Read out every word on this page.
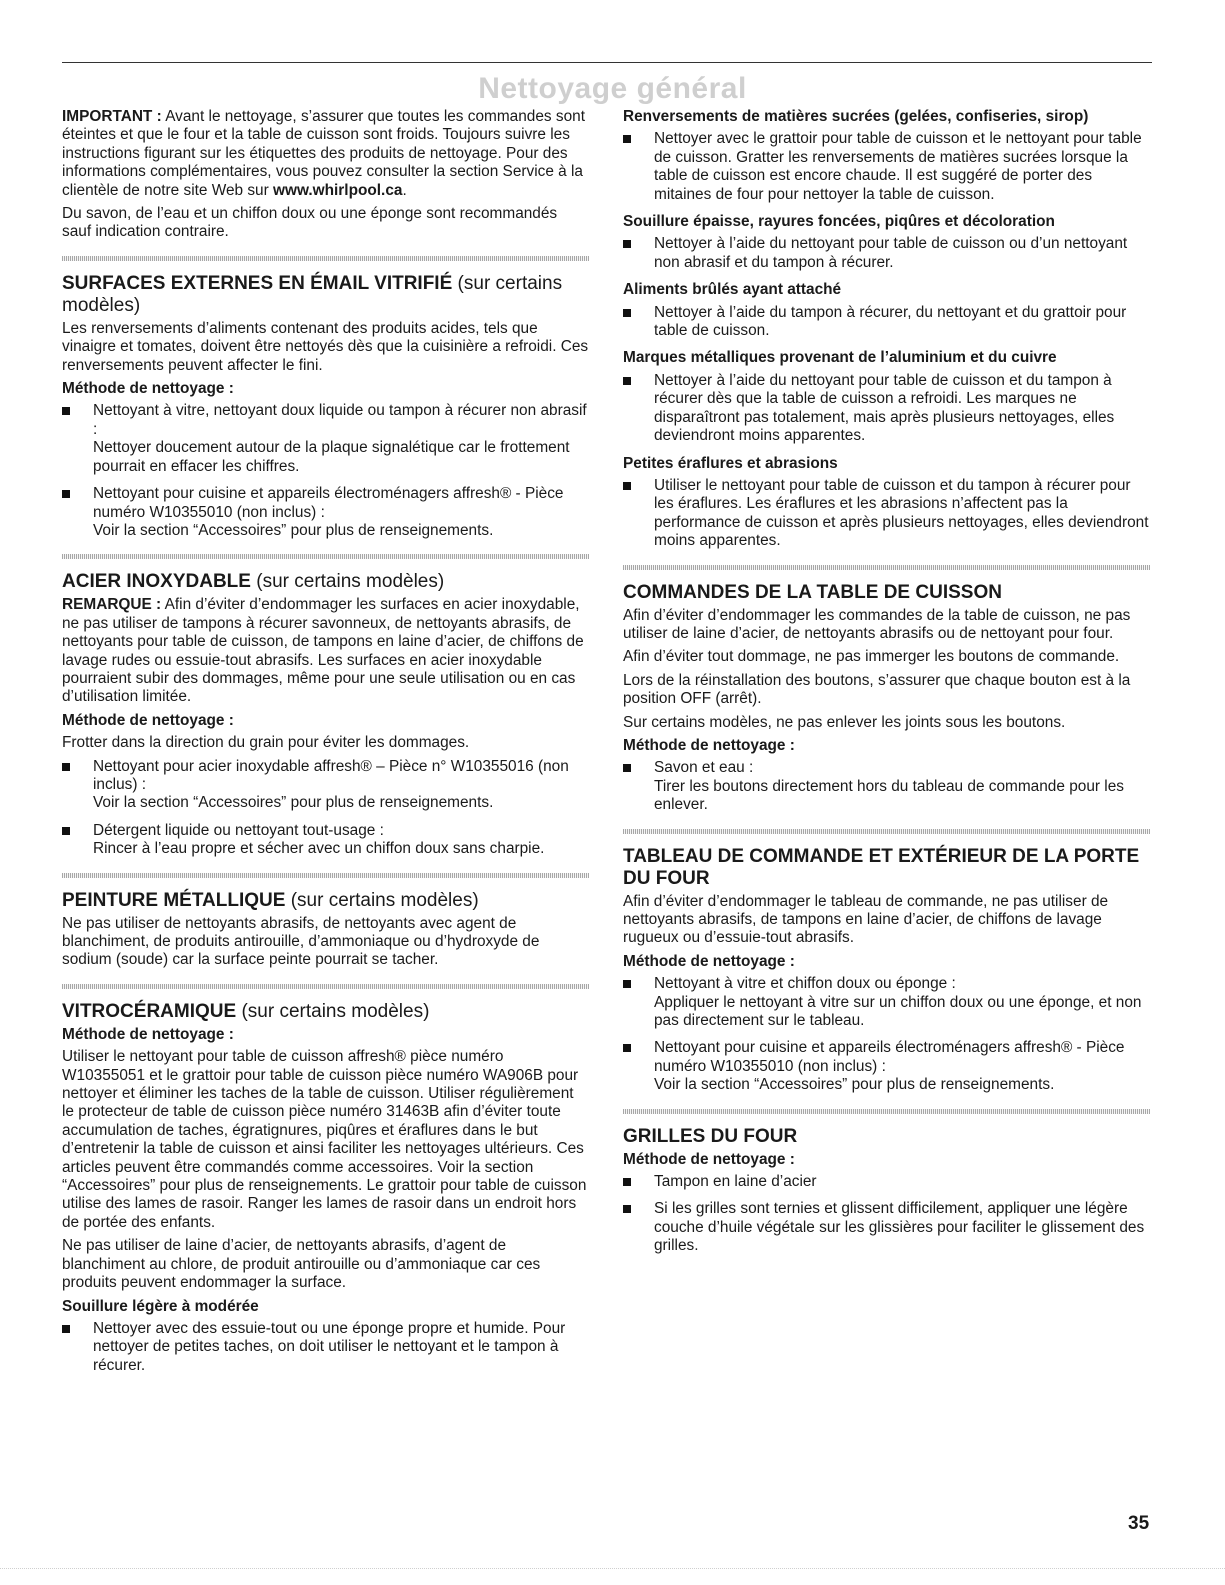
Nettoyage général

IMPORTANT : Avant le nettoyage, s’assurer que toutes les commandes sont éteintes et que le four et la table de cuisson sont froids. Toujours suivre les instructions figurant sur les étiquettes des produits de nettoyage. Pour des informations complémentaires, vous pouvez consulter la section Service à la clientèle de notre site Web sur www.whirlpool.ca.

Du savon, de l’eau et un chiffon doux ou une éponge sont recommandés sauf indication contraire.

SURFACES EXTERNES EN ÉMAIL VITRIFIÉ (sur certains modèles)

Les renversements d’aliments contenant des produits acides, tels que vinaigre et tomates, doivent être nettoyés dès que la cuisinière a refroidi. Ces renversements peuvent affecter le fini.

Méthode de nettoyage :
Nettoyant à vitre, nettoyant doux liquide ou tampon à récurer non abrasif :
Nettoyer doucement autour de la plaque signalétique car le frottement pourrait en effacer les chiffres.
Nettoyant pour cuisine et appareils électroménagers affresh® - Pièce numéro W10355010 (non inclus) :
Voir la section “Accessoires” pour plus de renseignements.
ACIER INOXYDABLE (sur certains modèles)

REMARQUE : Afin d’éviter d’endommager les surfaces en acier inoxydable, ne pas utiliser de tampons à récurer savonneux, de nettoyants abrasifs, de nettoyants pour table de cuisson, de tampons en laine d’acier, de chiffons de lavage rudes ou essuie-tout abrasifs. Les surfaces en acier inoxydable pourraient subir des dommages, même pour une seule utilisation ou en cas d’utilisation limitée.

Méthode de nettoyage :

Frotter dans la direction du grain pour éviter les dommages.

Nettoyant pour acier inoxydable affresh® – Pièce n° W10355016 (non inclus) :
Voir la section “Accessoires” pour plus de renseignements.
Détergent liquide ou nettoyant tout-usage :
Rincer à l’eau propre et sécher avec un chiffon doux sans charpie.
PEINTURE MÉTALLIQUE (sur certains modèles)

Ne pas utiliser de nettoyants abrasifs, de nettoyants avec agent de blanchiment, de produits antirouille, d’ammoniaque ou d’hydroxyde de sodium (soude) car la surface peinte pourrait se tacher.

VITROCÉRAMIQUE (sur certains modèles)
Méthode de nettoyage :

Utiliser le nettoyant pour table de cuisson affresh® pièce numéro W10355051 et le grattoir pour table de cuisson pièce numéro WA906B pour nettoyer et éliminer les taches de la table de cuisson. Utiliser régulièrement le protecteur de table de cuisson pièce numéro 31463B afin d’éviter toute accumulation de taches, égratignures, piqûres et éraflures dans le but d’entretenir la table de cuisson et ainsi faciliter les nettoyages ultérieurs. Ces articles peuvent être commandés comme accessoires. Voir la section “Accessoires” pour plus de renseignements. Le grattoir pour table de cuisson utilise des lames de rasoir. Ranger les lames de rasoir dans un endroit hors de portée des enfants.

Ne pas utiliser de laine d’acier, de nettoyants abrasifs, d’agent de blanchiment au chlore, de produit antirouille ou d’ammoniaque car ces produits peuvent endommager la surface.

Souillure légère à modérée
Nettoyer avec des essuie-tout ou une éponge propre et humide. Pour nettoyer de petites taches, on doit utiliser le nettoyant et le tampon à récurer.
Renversements de matières sucrées (gelées, confiseries, sirop)
Nettoyer avec le grattoir pour table de cuisson et le nettoyant pour table de cuisson. Gratter les renversements de matières sucrées lorsque la table de cuisson est encore chaude. Il est suggéré de porter des mitaines de four pour nettoyer la table de cuisson.
Souillure épaisse, rayures foncées, piqûres et décoloration
Nettoyer à l’aide du nettoyant pour table de cuisson ou d’un nettoyant non abrasif et du tampon à récurer.
Aliments brûlés ayant attaché
Nettoyer à l’aide du tampon à récurer, du nettoyant et du grattoir pour table de cuisson.
Marques métalliques provenant de l’aluminium et du cuivre
Nettoyer à l’aide du nettoyant pour table de cuisson et du tampon à récurer dès que la table de cuisson a refroidi. Les marques ne disparaîtront pas totalement, mais après plusieurs nettoyages, elles deviendront moins apparentes.
Petites éraflures et abrasions
Utiliser le nettoyant pour table de cuisson et du tampon à récurer pour les éraflures. Les éraflures et les abrasions n’affectent pas la performance de cuisson et après plusieurs nettoyages, elles deviendront moins apparentes.
COMMANDES DE LA TABLE DE CUISSON

Afin d’éviter d’endommager les commandes de la table de cuisson, ne pas utiliser de laine d’acier, de nettoyants abrasifs ou de nettoyant pour four.

Afin d’éviter tout dommage, ne pas immerger les boutons de commande.

Lors de la réinstallation des boutons, s’assurer que chaque bouton est à la position OFF (arrêt).

Sur certains modèles, ne pas enlever les joints sous les boutons.

Méthode de nettoyage :
Savon et eau :
Tirer les boutons directement hors du tableau de commande pour les enlever.
TABLEAU DE COMMANDE ET EXTÉRIEUR DE LA PORTE DU FOUR

Afin d’éviter d’endommager le tableau de commande, ne pas utiliser de nettoyants abrasifs, de tampons en laine d’acier, de chiffons de lavage rugueux ou d’essuie-tout abrasifs.

Méthode de nettoyage :
Nettoyant à vitre et chiffon doux ou éponge :
Appliquer le nettoyant à vitre sur un chiffon doux ou une éponge, et non pas directement sur le tableau.
Nettoyant pour cuisine et appareils électroménagers affresh® - Pièce numéro W10355010 (non inclus) :
Voir la section “Accessoires” pour plus de renseignements.
GRILLES DU FOUR
Méthode de nettoyage :
Tampon en laine d’acier
Si les grilles sont ternies et glissent difficilement, appliquer une légère couche d’huile végétale sur les glissières pour faciliter le glissement des grilles.
35
